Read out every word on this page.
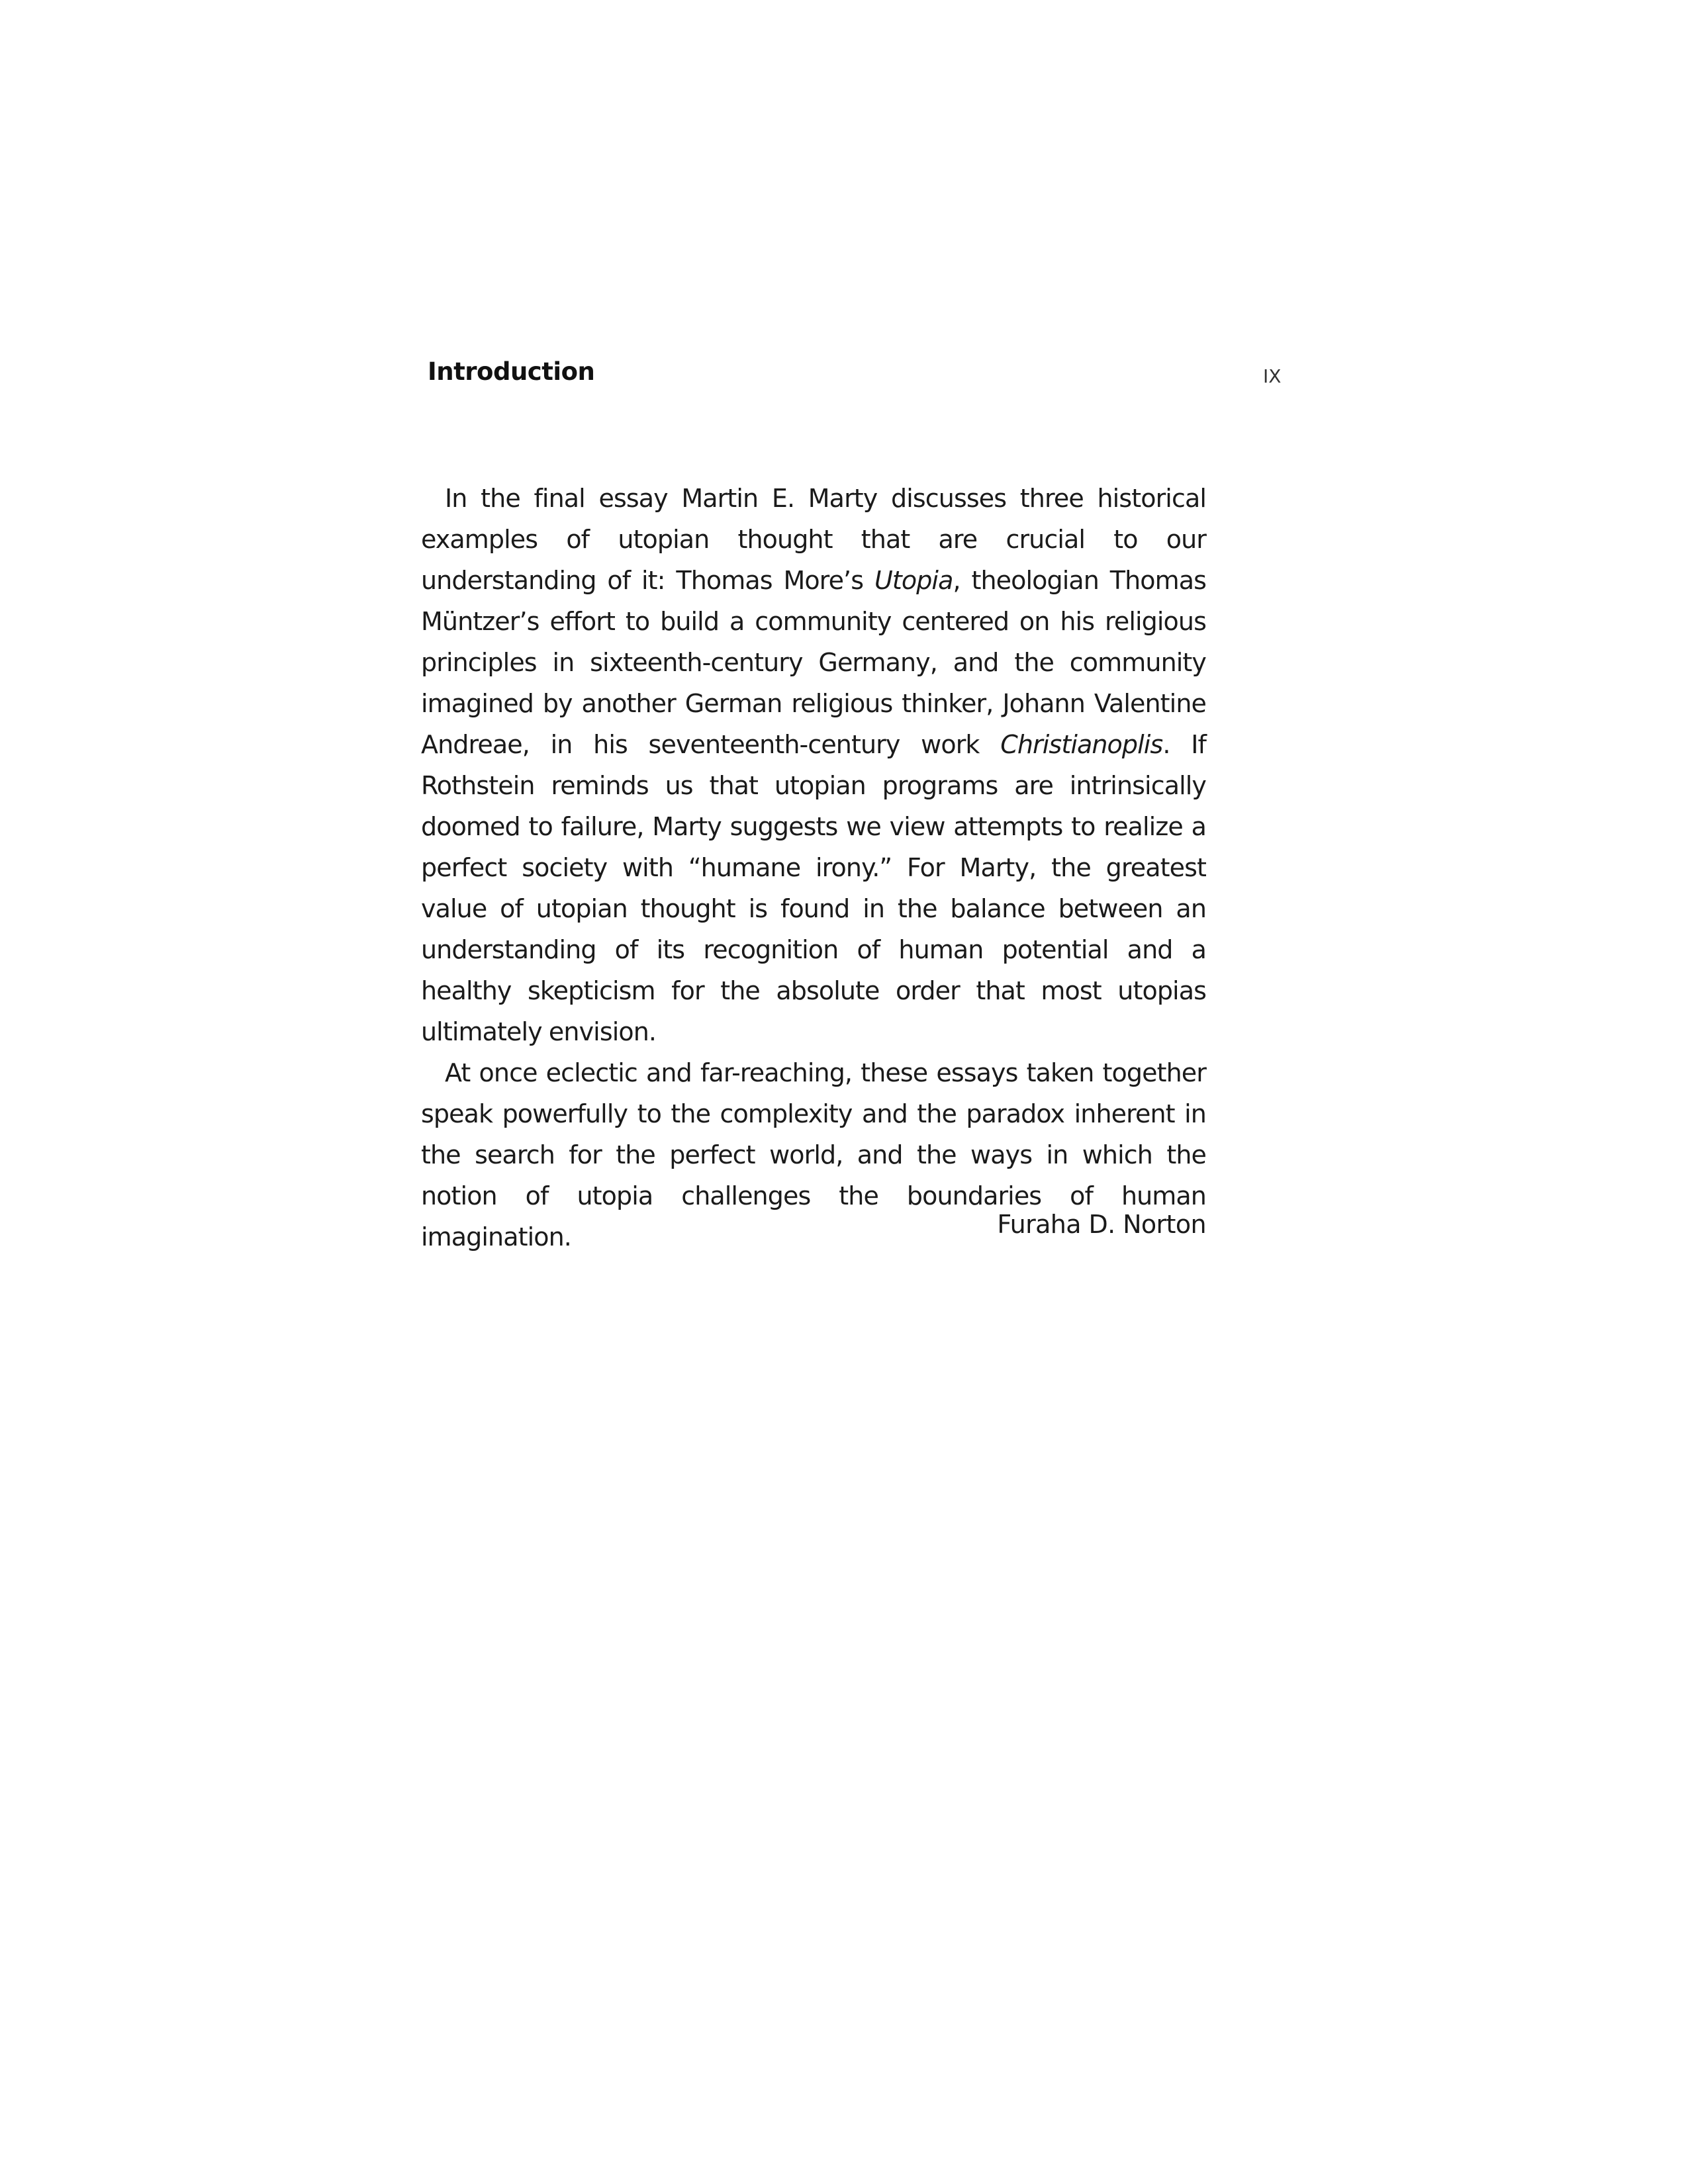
Introduction	IX

In the final essay Martin E. Marty discusses three historical examples of utopian thought that are crucial to our understanding of it: Thomas More’s Utopia, theologian Thomas Müntzer’s effort to build a community centered on his religious principles in sixteenth-century Germany, and the community imagined by another German religious thinker, Johann Valentine Andreae, in his seventeenth-century work Christianoplis. If Rothstein reminds us that utopian programs are intrinsically doomed to failure, Marty suggests we view attempts to realize a perfect society with “humane irony.” For Marty, the greatest value of utopian thought is found in the balance between an understanding of its recognition of human potential and a healthy skepticism for the absolute order that most utopias ultimately envision.

At once eclectic and far-reaching, these essays taken together speak powerfully to the complexity and the paradox inherent in the search for the perfect world, and the ways in which the notion of utopia challenges the boundaries of human imagination.	Furaha D. Norton
